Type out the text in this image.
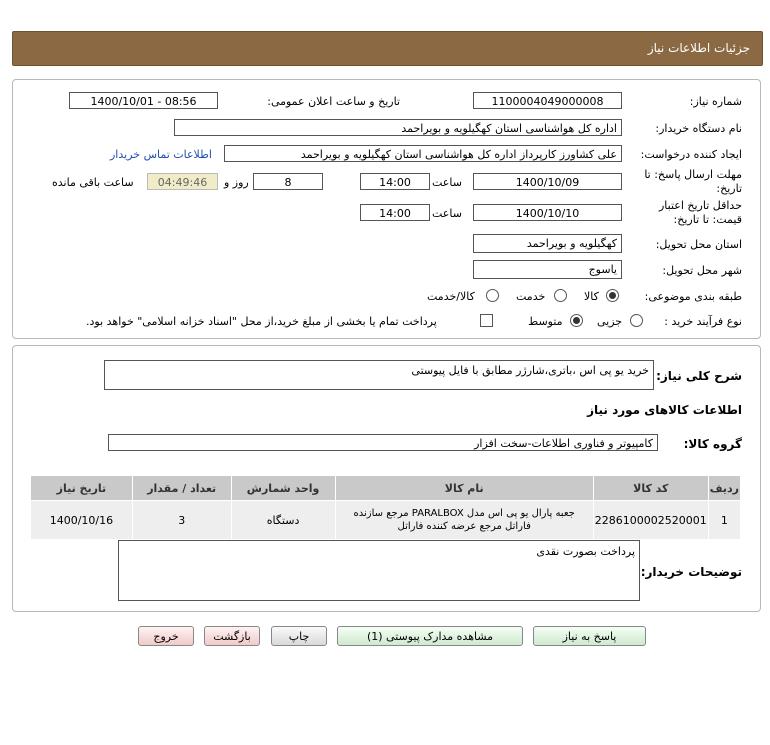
جزئیات اطلاعات نیاز
شماره نیاز:
1100004049000008
تاریخ و ساعت اعلان عمومی:
1400/10/01 - 08:56
نام دستگاه خریدار:
اداره کل هواشناسی استان کهگیلویه و بویراحمد
ایجاد کننده درخواست:
علی کشاورز کارپرداز اداره کل هواشناسی استان کهگیلویه و بویراحمد
اطلاعات تماس خریدار
مهلت ارسال پاسخ: تا تاریخ:
1400/10/09
ساعت
14:00
8
روز و
04:49:46
ساعت باقی مانده
حداقل تاریخ اعتبار قیمت: تا تاریخ:
1400/10/10
ساعت
14:00
استان محل تحویل:
کهگیلویه و بویراحمد
شهر محل تحویل:
یاسوج
طبقه بندی موضوعی:
کالا
خدمت
کالا/خدمت
نوع فرآیند خرید :
جزیی
متوسط
پرداخت تمام یا بخشی از مبلغ خرید،از محل "اسناد خزانه اسلامی" خواهد بود.
شرح کلی نیاز:
خرید یو پی اس ،باتری،شارژر مطابق با فایل پیوستی
اطلاعات کالاهای مورد نیاز
گروه کالا:
کامپیوتر و فناوری اطلاعات-سخت افزار
ردیف	کد کالا	نام کالا	واحد شمارش	تعداد / مقدار	تاریخ نیاز
1	2286100002520001	جعبه پارال یو پی اس مدل PARALBOX مرجع سازنده فاراتل مرجع عرضه کننده فاراتل	دستگاه	3	1400/10/16
توضیحات خریدار:
پرداخت بصورت نقدی
پاسخ به نیاز
مشاهده مدارک پیوستی (1)
چاپ
بازگشت
خروج
